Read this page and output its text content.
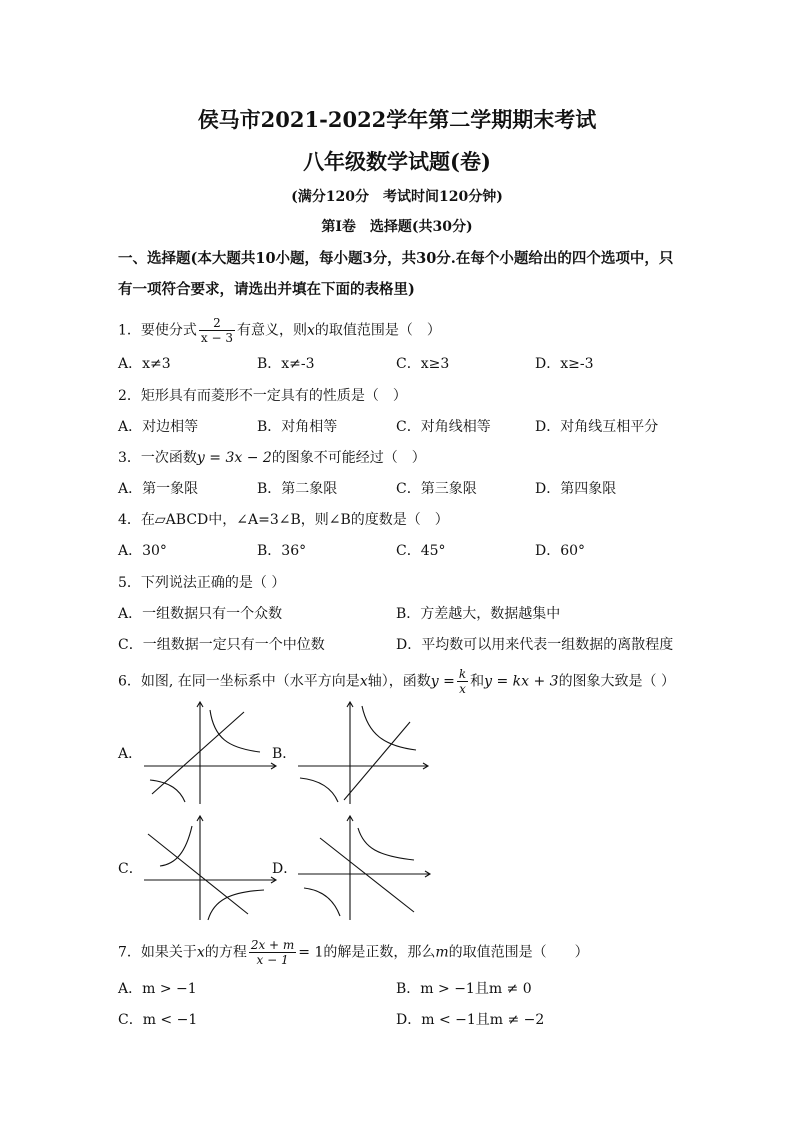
侯马市2021-2022学年第二学期期末考试
八年级数学试题(卷)
(满分120分　考试时间120分钟)
第I卷　选择题(共30分)
一、选择题(本大题共10小题，每小题3分，共30分.在每个小题给出的四个选项中，只有一项符合要求，请选出并填在下面的表格里)
1．要使分式 $\frac{2}{x - 3}$ 有意义，则x的取值范围是（　）
A．x≠3	B．x≠-3	C．x≥3	D．x≥-3
2．矩形具有而菱形不一定具有的性质是（　）
A．对边相等	B．对角相等	C．对角线相等	D．对角线互相平分
3．一次函数y = 3x − 2的图象不可能经过（　）
A．第一象限	B．第二象限	C．第三象限	D．第四象限
4．在▱ABCD中，∠A=3∠B，则∠B的度数是（　）
A．30°	B．36°	C．45°	D．60°
5．下列说法正确的是（ ）
A．一组数据只有一个众数	B．方差越大，数据越集中
C．一组数据一定只有一个中位数	D．平均数可以用来代表一组数据的离散程度
6．如图, 在同一坐标系中（水平方向是x轴），函数$y = \frac{k}{x}$ 和y = kx + 3的图象大致是（ ）
A．	B．
C．	D．
7．如果关于x的方程 $\frac{2x + m}{x - 1} = 1$的解是正数，那么m的取值范围是（　　）
A．m > −1	B．m > −1且m ≠ 0
C．m < −1	D．m < −1且m ≠ −2
